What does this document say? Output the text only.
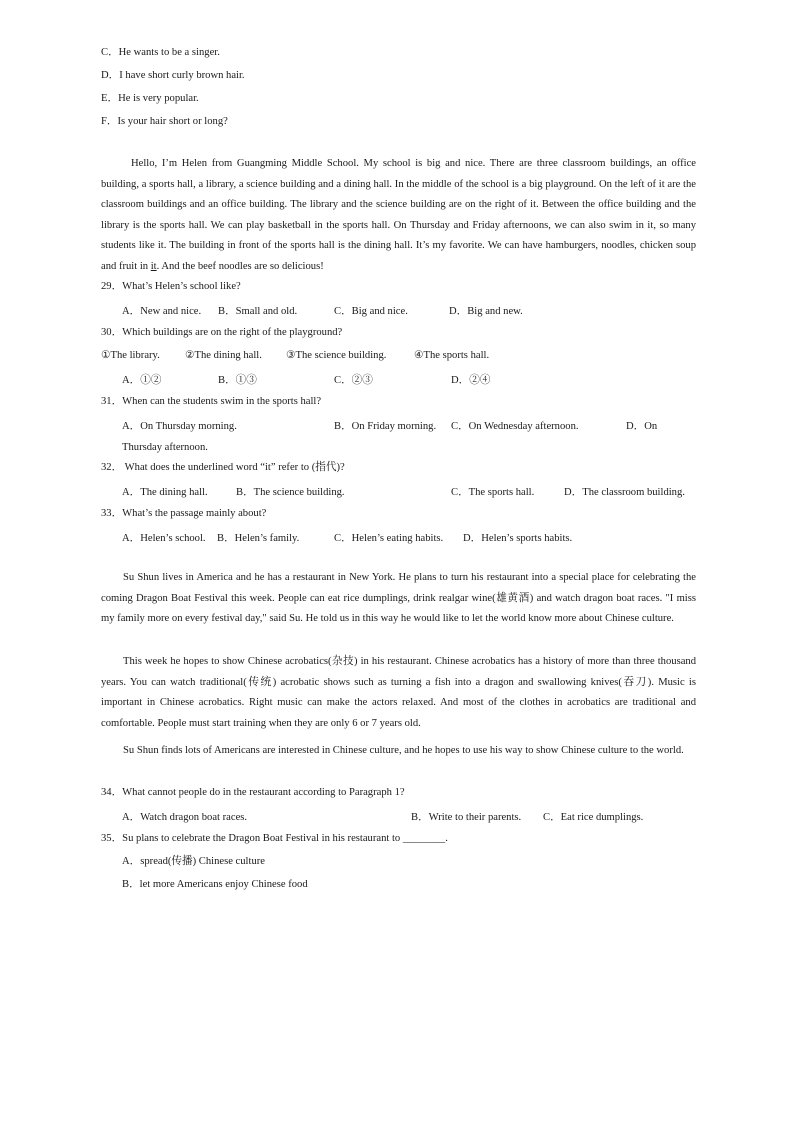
C．He wants to be a singer.
D．I have short curly brown hair.
E．He is very popular.
F．Is your hair short or long?
Hello, I’m Helen from Guangming Middle School. My school is big and nice. There are three classroom buildings, an office building, a sports hall, a library, a science building and a dining hall. In the middle of the school is a big playground. On the left of it are the classroom buildings and an office building. The library and the science building are on the right of it. Between the office building and the library is the sports hall. We can play basketball in the sports hall. On Thursday and Friday afternoons, we can also swim in it, so many students like it. The building in front of the sports hall is the dining hall. It’s my favorite. We can have hamburgers, noodles, chicken soup and fruit in it. And the beef noodles are so delicious!
29．What’s Helen’s school like?
A．New and nice. B．Small and old.	C．Big and nice.	D．Big and new.
30．Which buildings are on the right of the playground?
①The library. ②The dining hall. ③The science building.	④The sports hall.
A．①②	B．①③	C．②③	D．②④
31．When can the students swim in the sports hall?
A．On Thursday morning.	B．On Friday morning. C．On Wednesday afternoon.	D．On
Thursday afternoon.
32． What does the underlined word “it” refer to (指代)?
A．The dining hall.	B．The science building.	C．The sports hall.	D．The classroom building.
33．What’s the passage mainly about?
A．Helen’s school. B．Helen’s family.	C．Helen’s eating habits. D．Helen’s sports habits.
Su Shun lives in America and he has a restaurant in New York. He plans to turn his restaurant into a special place for celebrating the coming Dragon Boat Festival this week. People can eat rice dumplings, drink realgar wine(雄黄酒) and watch dragon boat races. "I miss my family more on every festival day," said Su. He told us in this way he would like to let the world know more about Chinese culture.
This week he hopes to show Chinese acrobatics(杂技) in his restaurant. Chinese acrobatics has a history of more than three thousand years. You can watch traditional(传统) acrobatic shows such as turning a fish into a dragon and swallowing knives(吞刀). Music is important in Chinese acrobatics. Right music can make the actors relaxed. And most of the clothes in acrobatics are traditional and comfortable. People must start training when they are only 6 or 7 years old.
Su Shun finds lots of Americans are interested in Chinese culture, and he hopes to use his way to show Chinese culture to the world.
34．What cannot people do in the restaurant according to Paragraph 1?
A．Watch dragon boat races.	B．Write to their parents. C．Eat rice dumplings.
35．Su plans to celebrate the Dragon Boat Festival in his restaurant to ________.
A．spread(传播) Chinese culture
B．let more Americans enjoy Chinese food
